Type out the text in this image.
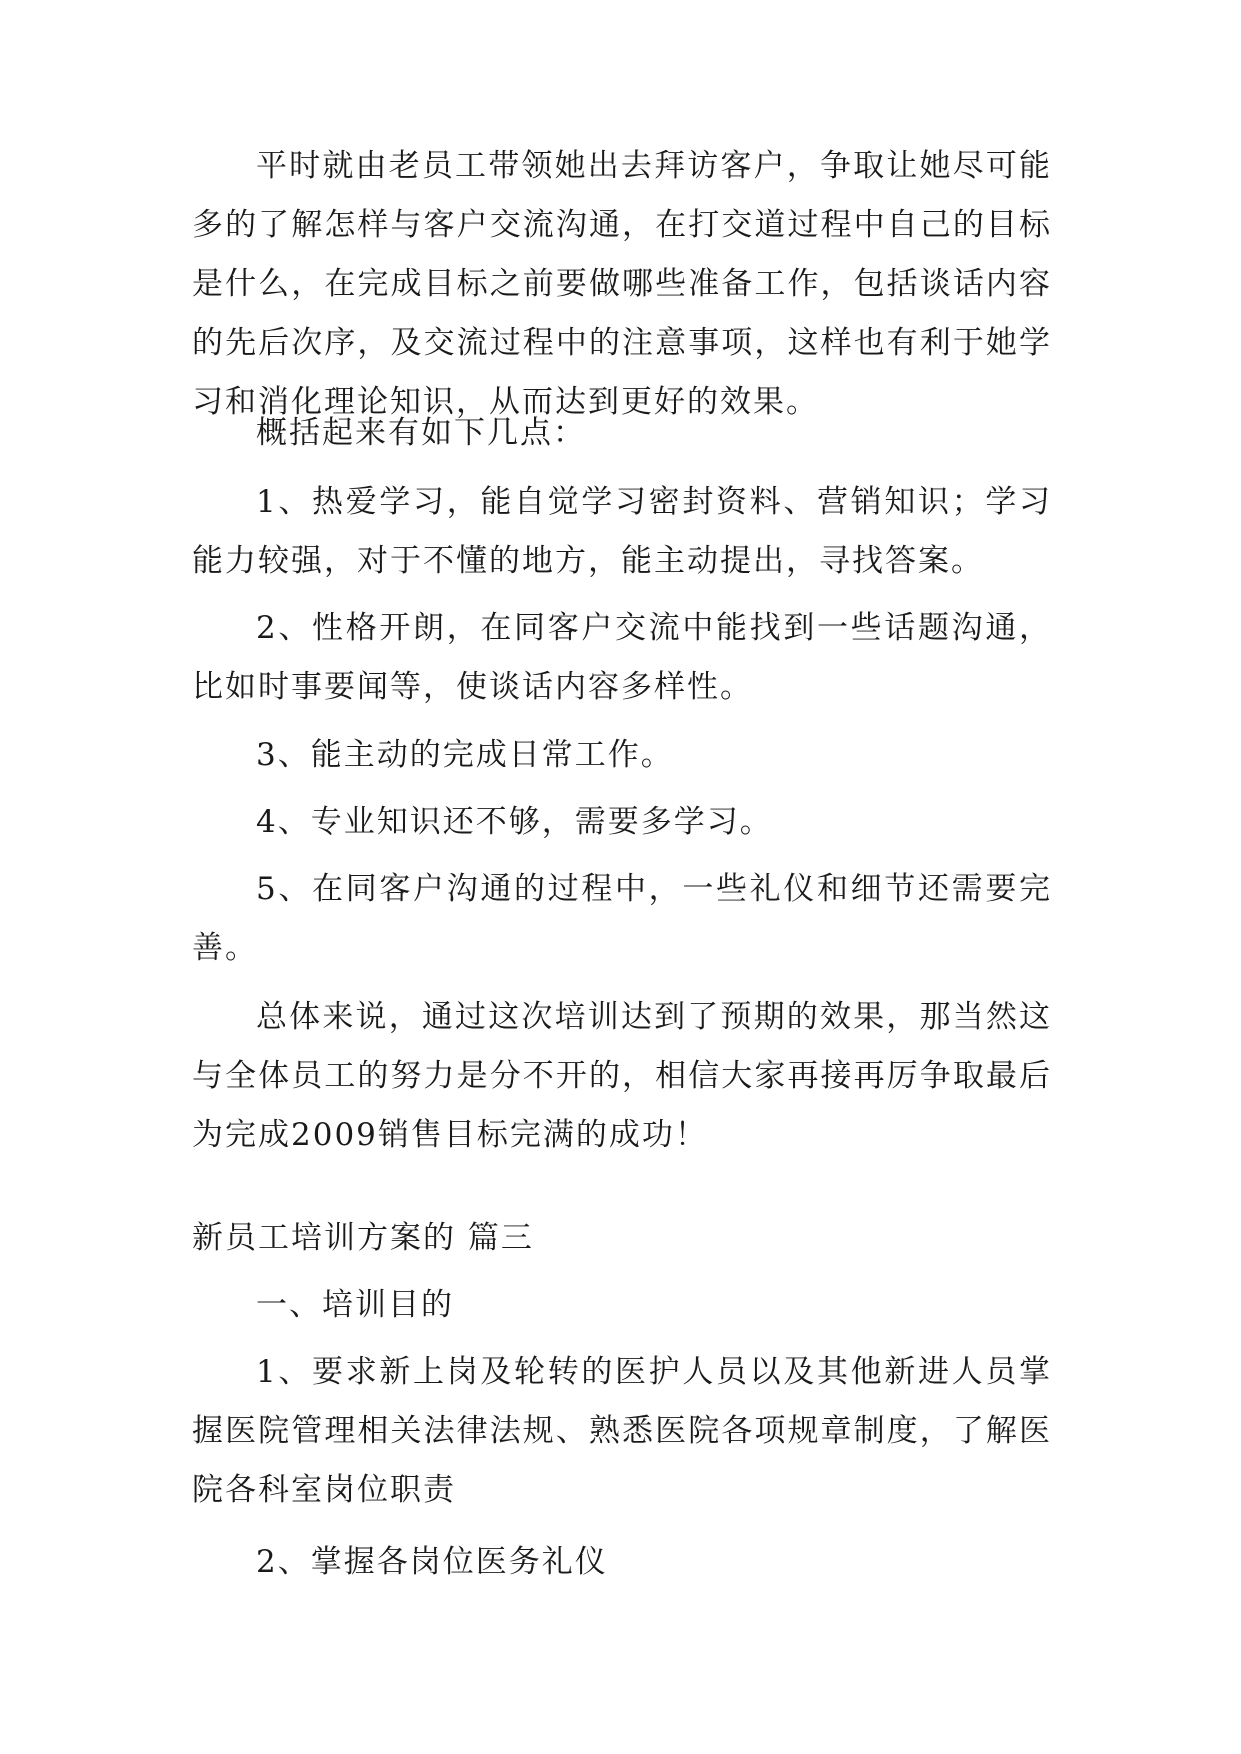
平时就由老员工带领她出去拜访客户，争取让她尽可能多的了解怎样与客户交流沟通，在打交道过程中自己的目标是什么，在完成目标之前要做哪些准备工作，包括谈话内容的先后次序，及交流过程中的注意事项，这样也有利于她学习和消化理论知识，从而达到更好的效果。

概括起来有如下几点：

1、热爱学习，能自觉学习密封资料、营销知识；学习能力较强，对于不懂的地方，能主动提出，寻找答案。

2、性格开朗，在同客户交流中能找到一些话题沟通，比如时事要闻等，使谈话内容多样性。

3、能主动的完成日常工作。

4、专业知识还不够，需要多学习。

5、在同客户沟通的过程中，一些礼仪和细节还需要完善。

总体来说，通过这次培训达到了预期的效果，那当然这与全体员工的努力是分不开的，相信大家再接再厉争取最后为完成2009销售目标完满的成功！

新员工培训方案的 篇三

一、培训目的

1、要求新上岗及轮转的医护人员以及其他新进人员掌握医院管理相关法律法规、熟悉医院各项规章制度，了解医院各科室岗位职责

2、掌握各岗位医务礼仪
